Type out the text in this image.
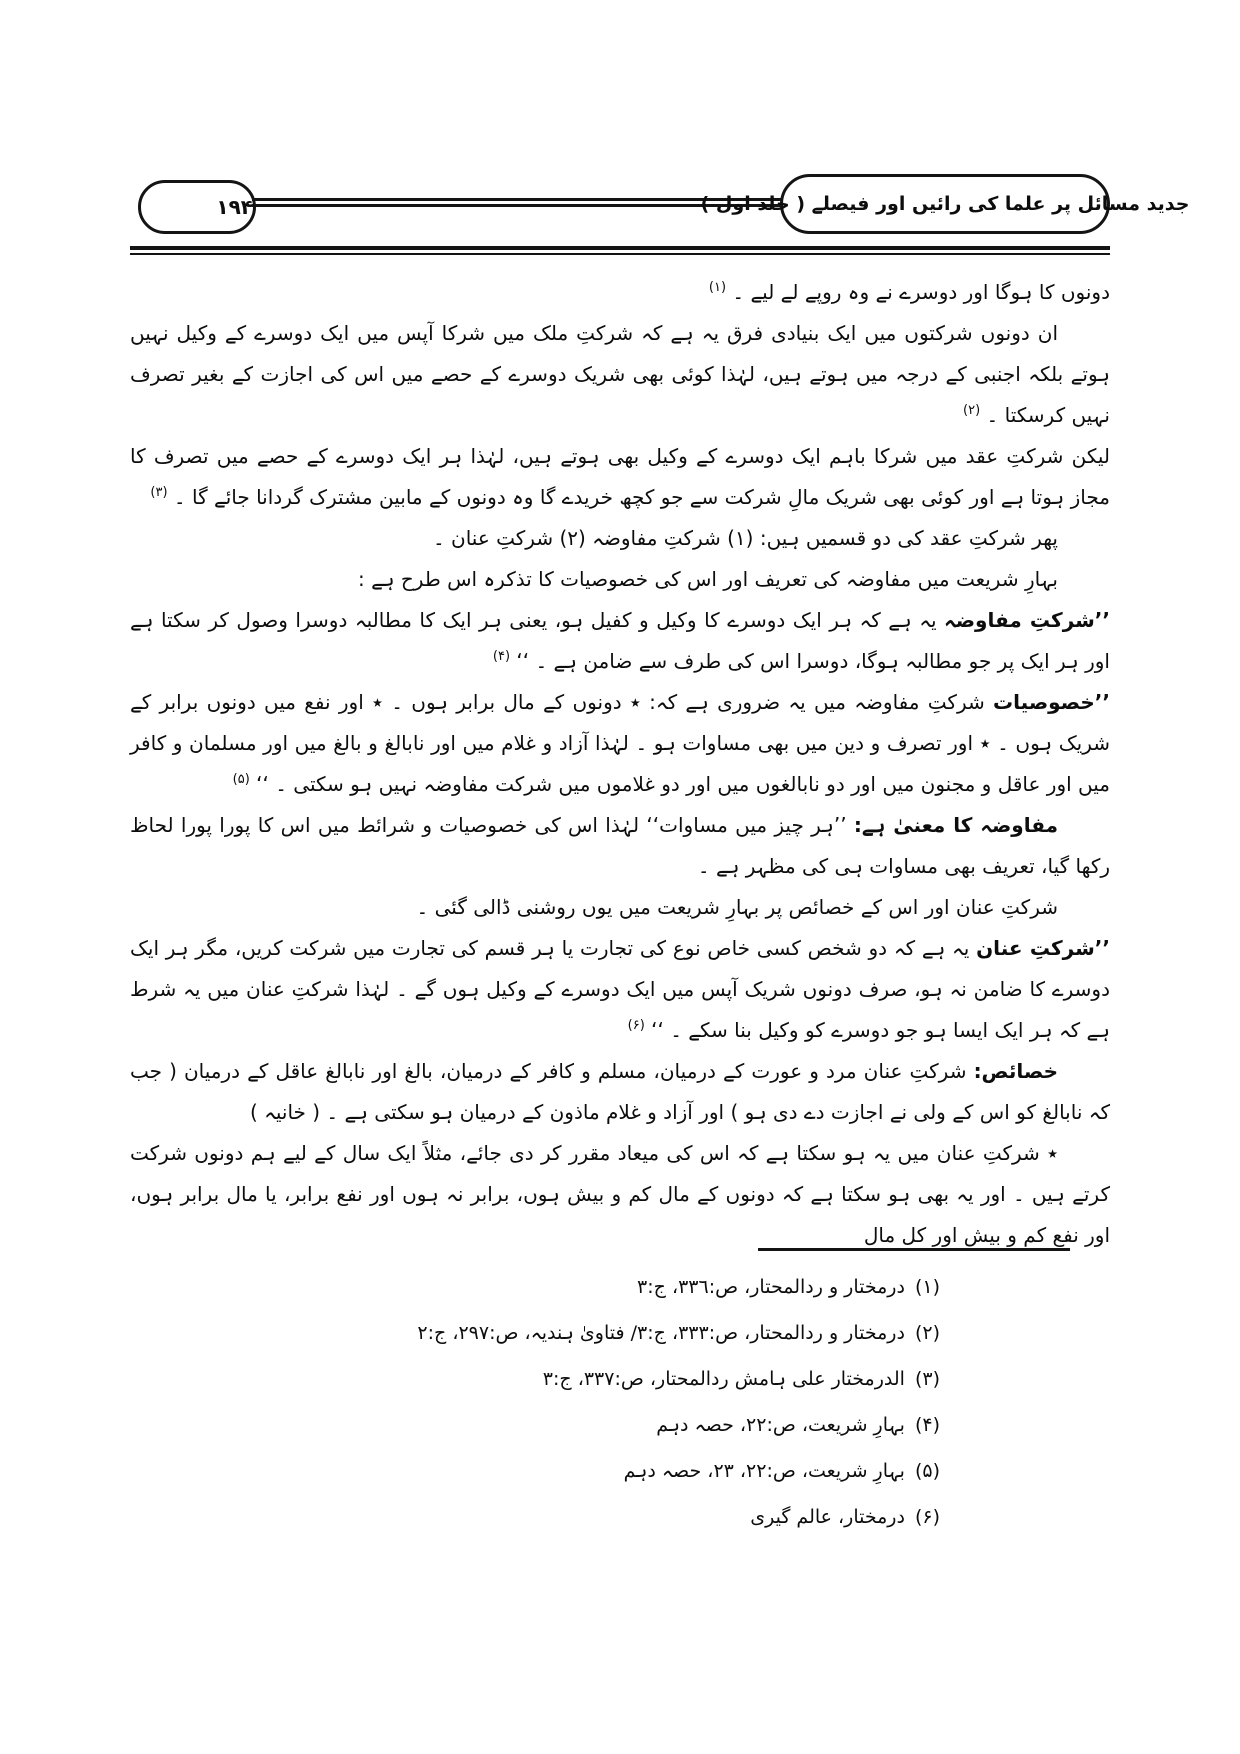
۱۹۴	جدید مسائل پر علما کی رائیں اور فیصلے ( جلد اول )

دونوں کا ہوگا اور دوسرے نے وہ روپے لے لیے ۔ $^{(۱)}$

ان دونوں شرکتوں میں ایک بنیادی فرق یہ ہے کہ شرکتِ ملک میں شرکا آپس میں ایک دوسرے کے وکیل نہیں ہوتے بلکہ اجنبی کے درجہ میں ہوتے ہیں، لہٰذا کوئی بھی شریک دوسرے کے حصے میں اس کی اجازت کے بغیر تصرف نہیں کرسکتا ۔ $^{(۲)}$

لیکن شرکتِ عقد میں شرکا باہم ایک دوسرے کے وکیل بھی ہوتے ہیں، لہٰذا ہر ایک دوسرے کے حصے میں تصرف کا مجاز ہوتا ہے اور کوئی بھی شریک مالِ شرکت سے جو کچھ خریدے گا وہ دونوں کے مابین مشترک گردانا جائے گا ۔ $^{(۳)}$

پھر شرکتِ عقد کی دو قسمیں ہیں: (۱) شرکتِ مفاوضہ (۲) شرکتِ عنان ۔

بہارِ شریعت میں مفاوضہ کی تعریف اور اس کی خصوصیات کا تذکرہ اس طرح ہے :

’’شرکتِ مفاوضہ یہ ہے کہ ہر ایک دوسرے کا وکیل و کفیل ہو، یعنی ہر ایک کا مطالبہ دوسرا وصول کر سکتا ہے اور ہر ایک پر جو مطالبہ ہوگا، دوسرا اس کی طرف سے ضامن ہے ۔ ‘‘ $^{(۴)}$

’’خصوصیات شرکتِ مفاوضہ میں یہ ضروری ہے کہ: ٭ دونوں کے مال برابر ہوں ۔ ٭ اور نفع میں دونوں برابر کے شریک ہوں ۔ ٭ اور تصرف و دین میں بھی مساوات ہو ۔ لہٰذا آزاد و غلام میں اور نابالغ و بالغ میں اور مسلمان و کافر میں اور عاقل و مجنون میں اور دو نابالغوں میں اور دو غلاموں میں شرکت مفاوضہ نہیں ہو سکتی ۔ ‘‘ $^{(۵)}$

مفاوضہ کا معنیٰ ہے: ’’ہر چیز میں مساوات‘‘ لہٰذا اس کی خصوصیات و شرائط میں اس کا پورا پورا لحاظ رکھا گیا، تعریف بھی مساوات ہی کی مظہر ہے ۔

شرکتِ عنان اور اس کے خصائص پر بہارِ شریعت میں یوں روشنی ڈالی گئی ۔

’’شرکتِ عنان یہ ہے کہ دو شخص کسی خاص نوع کی تجارت یا ہر قسم کی تجارت میں شرکت کریں، مگر ہر ایک دوسرے کا ضامن نہ ہو، صرف دونوں شریک آپس میں ایک دوسرے کے وکیل ہوں گے ۔ لہٰذا شرکتِ عنان میں یہ شرط ہے کہ ہر ایک ایسا ہو جو دوسرے کو وکیل بنا سکے ۔ ‘‘ $^{(۶)}$

خصائص: شرکتِ عنان مرد و عورت کے درمیان، مسلم و کافر کے درمیان، بالغ اور نابالغ عاقل کے درمیان ( جب کہ نابالغ کو اس کے ولی نے اجازت دے دی ہو ) اور آزاد و غلام ماذون کے درمیان ہو سکتی ہے ۔ ( خانیہ )

٭ شرکتِ عنان میں یہ ہو سکتا ہے کہ اس کی میعاد مقرر کر دی جائے، مثلاً ایک سال کے لیے ہم دونوں شرکت کرتے ہیں ۔ اور یہ بھی ہو سکتا ہے کہ دونوں کے مال کم و بیش ہوں، برابر نہ ہوں اور نفع برابر، یا مال برابر ہوں، اور نفع کم و بیش اور کل مال

(۱)درمختار و ردالمحتار، ص:۳۳٦، ج:۳
(۲)درمختار و ردالمحتار، ص:۳۳۳، ج:۳/ فتاویٰ ہندیہ، ص:۲۹۷، ج:۲
(۳)الدرمختار علی ہامش ردالمحتار، ص:۳۳۷، ج:۳
(۴)بہارِ شریعت، ص:۲۲، حصہ دہم
(۵)بہارِ شریعت، ص:۲۲، ۲۳، حصہ دہم
(۶)درمختار، عالم گیری
